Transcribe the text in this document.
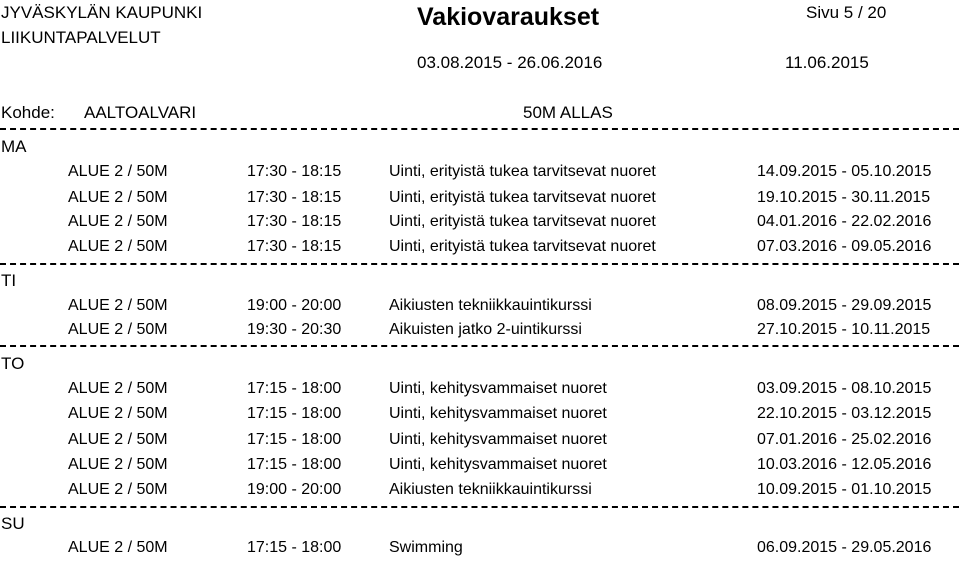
JYVÄSKYLÄN KAUPUNKI
LIIKUNTAPALVELUT
Vakiovaraukset	Sivu 5 / 20
03.08.2015 - 26.06.2016	11.06.2015
Kohde: AALTOALVARI	50M ALLAS
MA
ALUE 2 / 50M	17:30 - 18:15	Uinti, erityistä tukea tarvitsevat nuoret	14.09.2015 - 05.10.2015
ALUE 2 / 50M	17:30 - 18:15	Uinti, erityistä tukea tarvitsevat nuoret	19.10.2015 - 30.11.2015
ALUE 2 / 50M	17:30 - 18:15	Uinti, erityistä tukea tarvitsevat nuoret	04.01.2016 - 22.02.2016
ALUE 2 / 50M	17:30 - 18:15	Uinti, erityistä tukea tarvitsevat nuoret	07.03.2016 - 09.05.2016
TI
ALUE 2 / 50M	19:00 - 20:00	Aikiusten tekniikkauintikurssi	08.09.2015 - 29.09.2015
ALUE 2 / 50M	19:30 - 20:30	Aikuisten jatko 2-uintikurssi	27.10.2015 - 10.11.2015
TO
ALUE 2 / 50M	17:15 - 18:00	Uinti, kehitysvammaiset nuoret	03.09.2015 - 08.10.2015
ALUE 2 / 50M	17:15 - 18:00	Uinti, kehitysvammaiset nuoret	22.10.2015 - 03.12.2015
ALUE 2 / 50M	17:15 - 18:00	Uinti, kehitysvammaiset nuoret	07.01.2016 - 25.02.2016
ALUE 2 / 50M	17:15 - 18:00	Uinti, kehitysvammaiset nuoret	10.03.2016 - 12.05.2016
ALUE 2 / 50M	19:00 - 20:00	Aikiusten tekniikkauintikurssi	10.09.2015 - 01.10.2015
SU
ALUE 2 / 50M	17:15 - 18:00	Swimming	06.09.2015 - 29.05.2016
